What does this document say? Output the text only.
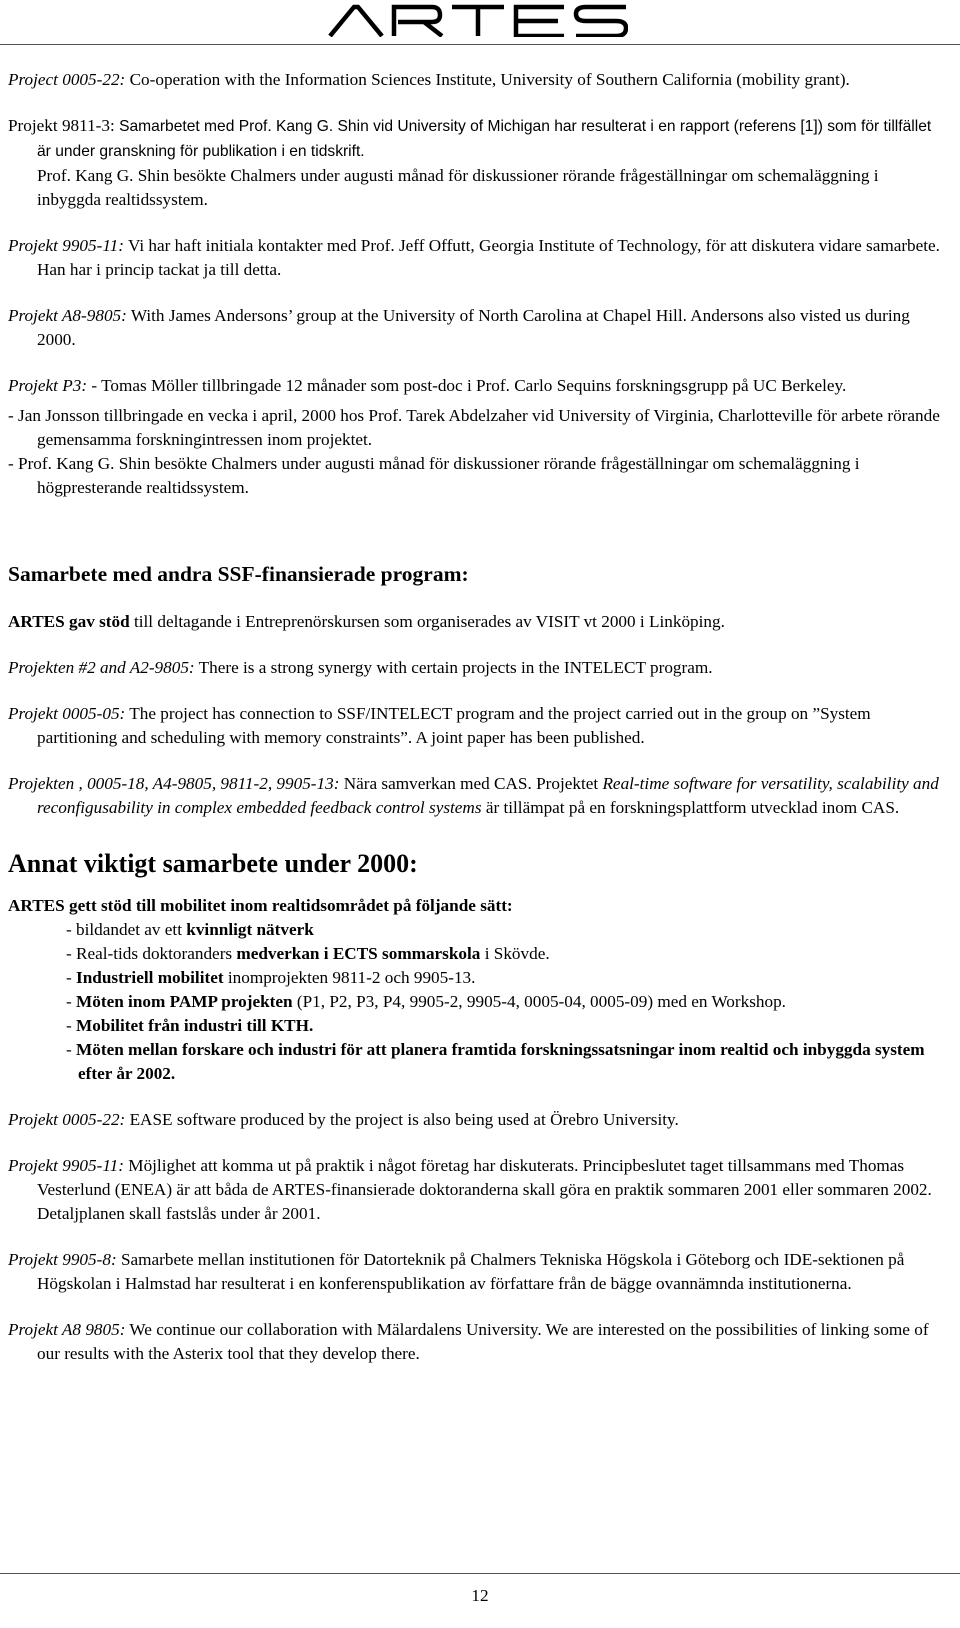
Project 0005-22: Co-operation with the Information Sciences Institute, University of Southern California (mobility grant).

Projekt 9811-3: Samarbetet med Prof. Kang G. Shin vid University of Michigan har resulterat i en rapport (referens [1]) som för tillfället är under granskning för publikation i en tidskrift.

Prof. Kang G. Shin besökte Chalmers under augusti månad för diskussioner rörande frågeställningar om schemaläggning i inbyggda realtidssystem.

Projekt 9905-11: Vi har haft initiala kontakter med Prof. Jeff Offutt, Georgia Institute of Technology, för att diskutera vidare samarbete. Han har i princip tackat ja till detta.

Projekt A8-9805: With James Andersons’ group at the University of North Carolina at Chapel Hill. Andersons also visted us during 2000.

Projekt P3: - Tomas Möller tillbringade 12 månader som post-doc i Prof. Carlo Sequins forskningsgrupp på UC Berkeley.

- Jan Jonsson tillbringade en vecka i april, 2000 hos Prof. Tarek Abdelzaher vid University of Virginia, Charlotteville för arbete rörande gemensamma forskningintressen inom projektet.

- Prof. Kang G. Shin besökte Chalmers under augusti månad för diskussioner rörande frågeställningar om schemaläggning i högpresterande realtidssystem.

Samarbete med andra SSF-finansierade program:

ARTES gav stöd till deltagande i Entreprenörskursen som organiserades av VISIT vt 2000 i Linköping.

Projekten #2 and A2-9805: There is a strong synergy with certain projects in the INTELECT program.

Projekt 0005-05: The project has connection to SSF/INTELECT program and the project carried out in the group on ”System partitioning and scheduling with memory constraints”. A joint paper has been published.

Projekten , 0005-18, A4-9805, 9811-2, 9905-13: Nära samverkan med CAS. Projektet Real-time software for versatility, scalability and reconfigusability in complex embedded feedback control systems är tillämpat på en forskningsplattform utvecklad inom CAS.

Annat viktigt samarbete under 2000:

ARTES gett stöd till mobilitet inom realtidsområdet på följande sätt:

- bildandet av ett kvinnligt nätverk

- Real-tids doktoranders medverkan i ECTS sommarskola i Skövde.

- Industriell mobilitet inomprojekten 9811-2 och 9905-13.

- Möten inom PAMP projekten (P1, P2, P3, P4, 9905-2, 9905-4, 0005-04, 0005-09) med en Workshop.

- Mobilitet från industri till KTH.

- Möten mellan forskare och industri för att planera framtida forskningssatsningar inom realtid och inbyggda system efter år 2002.

Projekt 0005-22: EASE software produced by the project is also being used at Örebro University.

Projekt 9905-11: Möjlighet att komma ut på praktik i något företag har diskuterats. Principbeslutet taget tillsammans med Thomas Vesterlund (ENEA) är att båda de ARTES-finansierade doktoranderna skall göra en praktik sommaren 2001 eller sommaren 2002. Detaljplanen skall fastslås under år 2001.

Projekt 9905-8: Samarbete mellan institutionen för Datorteknik på Chalmers Tekniska Högskola i Göteborg och IDE-sektionen på Högskolan i Halmstad har resulterat i en konferenspublikation av författare från de bägge ovannämnda institutionerna.

Projekt A8 9805: We continue our collaboration with Mälardalens University. We are interested on the possibilities of linking some of our results with the Asterix tool that they develop there.

12
